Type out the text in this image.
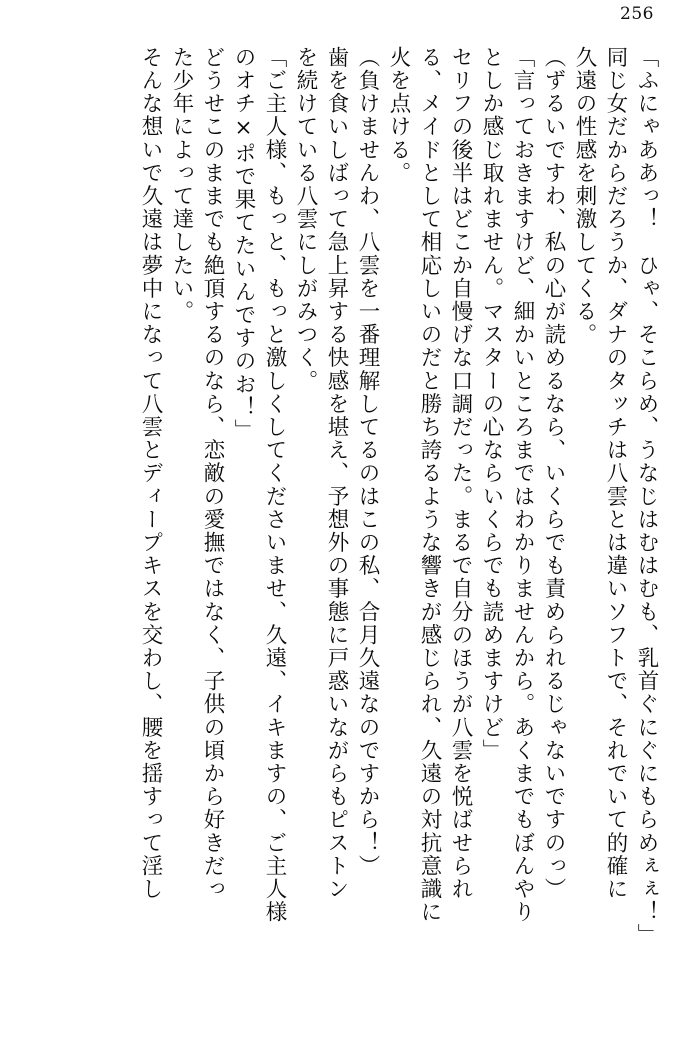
256
「ふにゃああっ！　ひゃ、そこらめ、うなじはむはむも、乳首ぐにぐにもらめぇぇ！」
同じ女だからだろうか、ダナのタッチは八雲とは違いソフトで、それでいて的確に
久遠の性感を刺激してくる。
（ずるいですわ、私の心が読めるなら、いくらでも責められるじゃないですのっ）
「言っておきますけど、細かいところまではわかりませんから。あくまでもぼんやり
としか感じ取れません。マスターの心ならいくらでも読めますけど」
セリフの後半はどこか自慢げな口調だった。まるで自分のほうが八雲を悦ばせられ
る、メイドとして相応しいのだと勝ち誇るような響きが感じられ、久遠の対抗意識に
火を点ける。
（負けませんわ、八雲を一番理解してるのはこの私、合月久遠なのですから！）
歯を食いしばって急上昇する快感を堪え、予想外の事態に戸惑いながらもピストン
を続けている八雲にしがみつく。
「ご主人様、もっと、もっと激しくしてくださいませ、久遠、イキますの、ご主人様
のオチ×ポで果てたいんですのお！」
どうせこのままでも絶頂するのなら、恋敵の愛撫ではなく、子供の頃から好きだっ
た少年によって達したい。
そんな想いで久遠は夢中になって八雲とディープキスを交わし、腰を揺すって淫し
